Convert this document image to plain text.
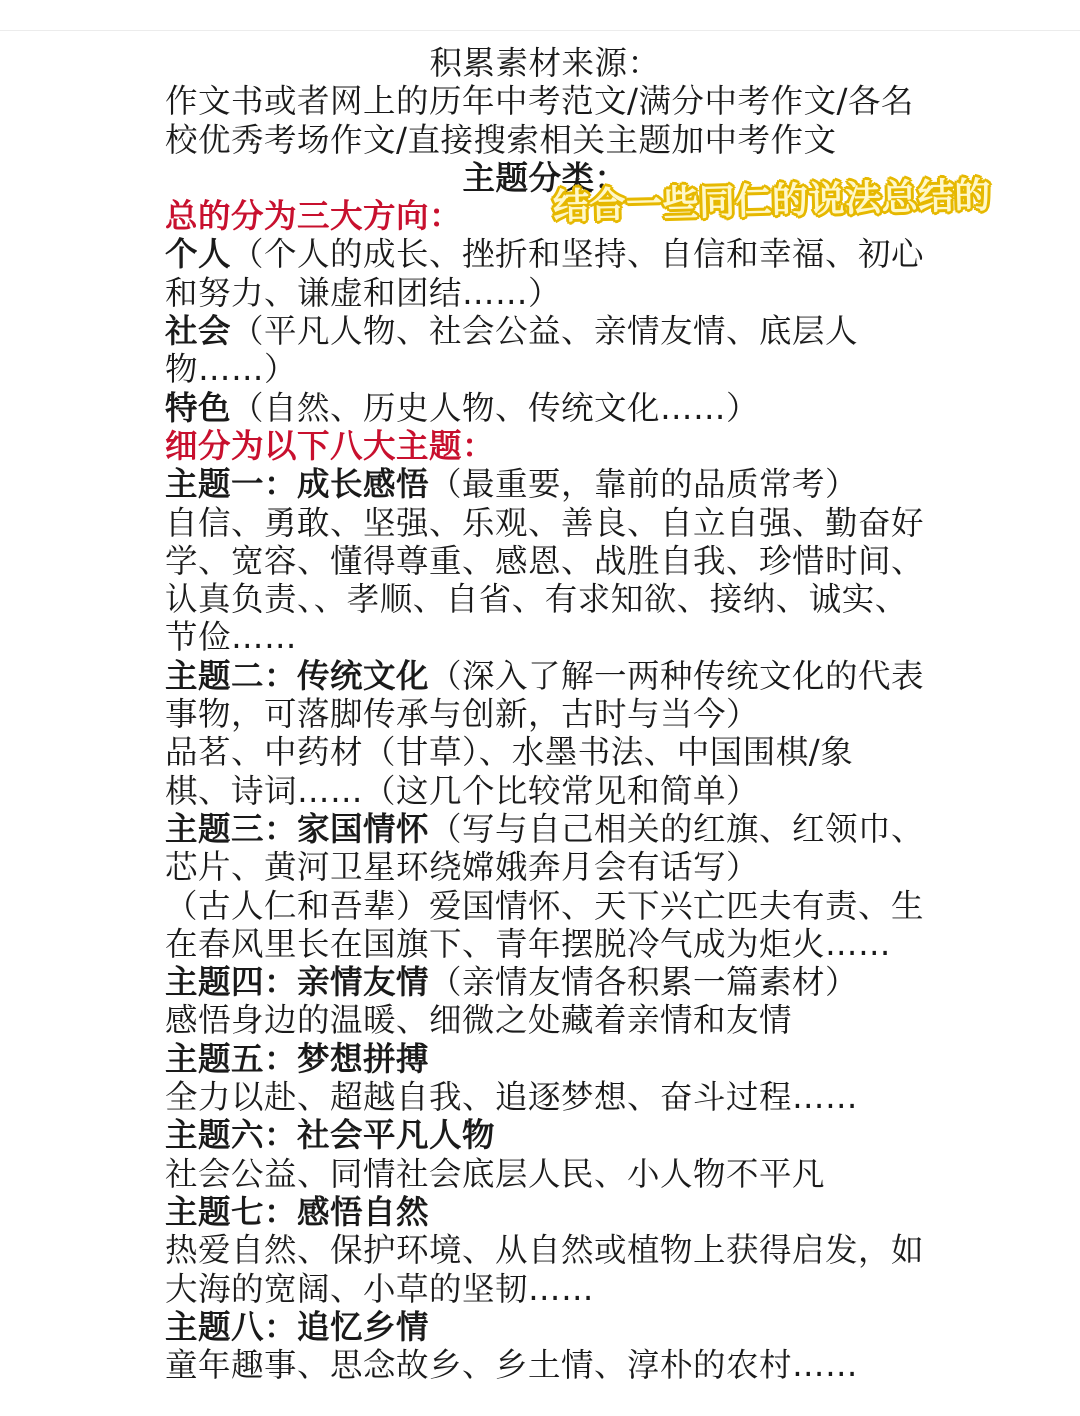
积累素材来源：

作文书或者网上的历年中考范文/满分中考作文/各名

校优秀考场作文/直接搜索相关主题加中考作文

主题分类：

总的分为三大方向：

个人（个人的成长、挫折和坚持、自信和幸福、初心

和努力、谦虚和团结……）

社会（平凡人物、社会公益、亲情友情、底层人

物……）

特色（自然、历史人物、传统文化……）

细分为以下八大主题：

主题一：成长感悟（最重要，靠前的品质常考）

自信、勇敢、坚强、乐观、善良、自立自强、勤奋好

学、宽容、懂得尊重、感恩、战胜自我、珍惜时间、

认真负责、、孝顺、自省、有求知欲、接纳、诚实、

节俭……

主题二：传统文化（深入了解一两种传统文化的代表

事物，可落脚传承与创新，古时与当今）

品茗、中药材（甘草）、水墨书法、中国围棋/象

棋、诗词……（这几个比较常见和简单）

主题三：家国情怀（写与自己相关的红旗、红领巾、

芯片、黄河卫星环绕嫦娥奔月会有话写）

（古人仁和吾辈）爱国情怀、天下兴亡匹夫有责、生

在春风里长在国旗下、青年摆脱冷气成为炬火……

主题四：亲情友情（亲情友情各积累一篇素材）

感悟身边的温暖、细微之处藏着亲情和友情

主题五：梦想拼搏

全力以赴、超越自我、追逐梦想、奋斗过程……

主题六：社会平凡人物

社会公益、同情社会底层人民、小人物不平凡

主题七：感悟自然

热爱自然、保护环境、从自然或植物上获得启发，如

大海的宽阔、小草的坚韧……

主题八：追忆乡情

童年趣事、思念故乡、乡土情、淳朴的农村……

结合一些同仁的说法总结的
